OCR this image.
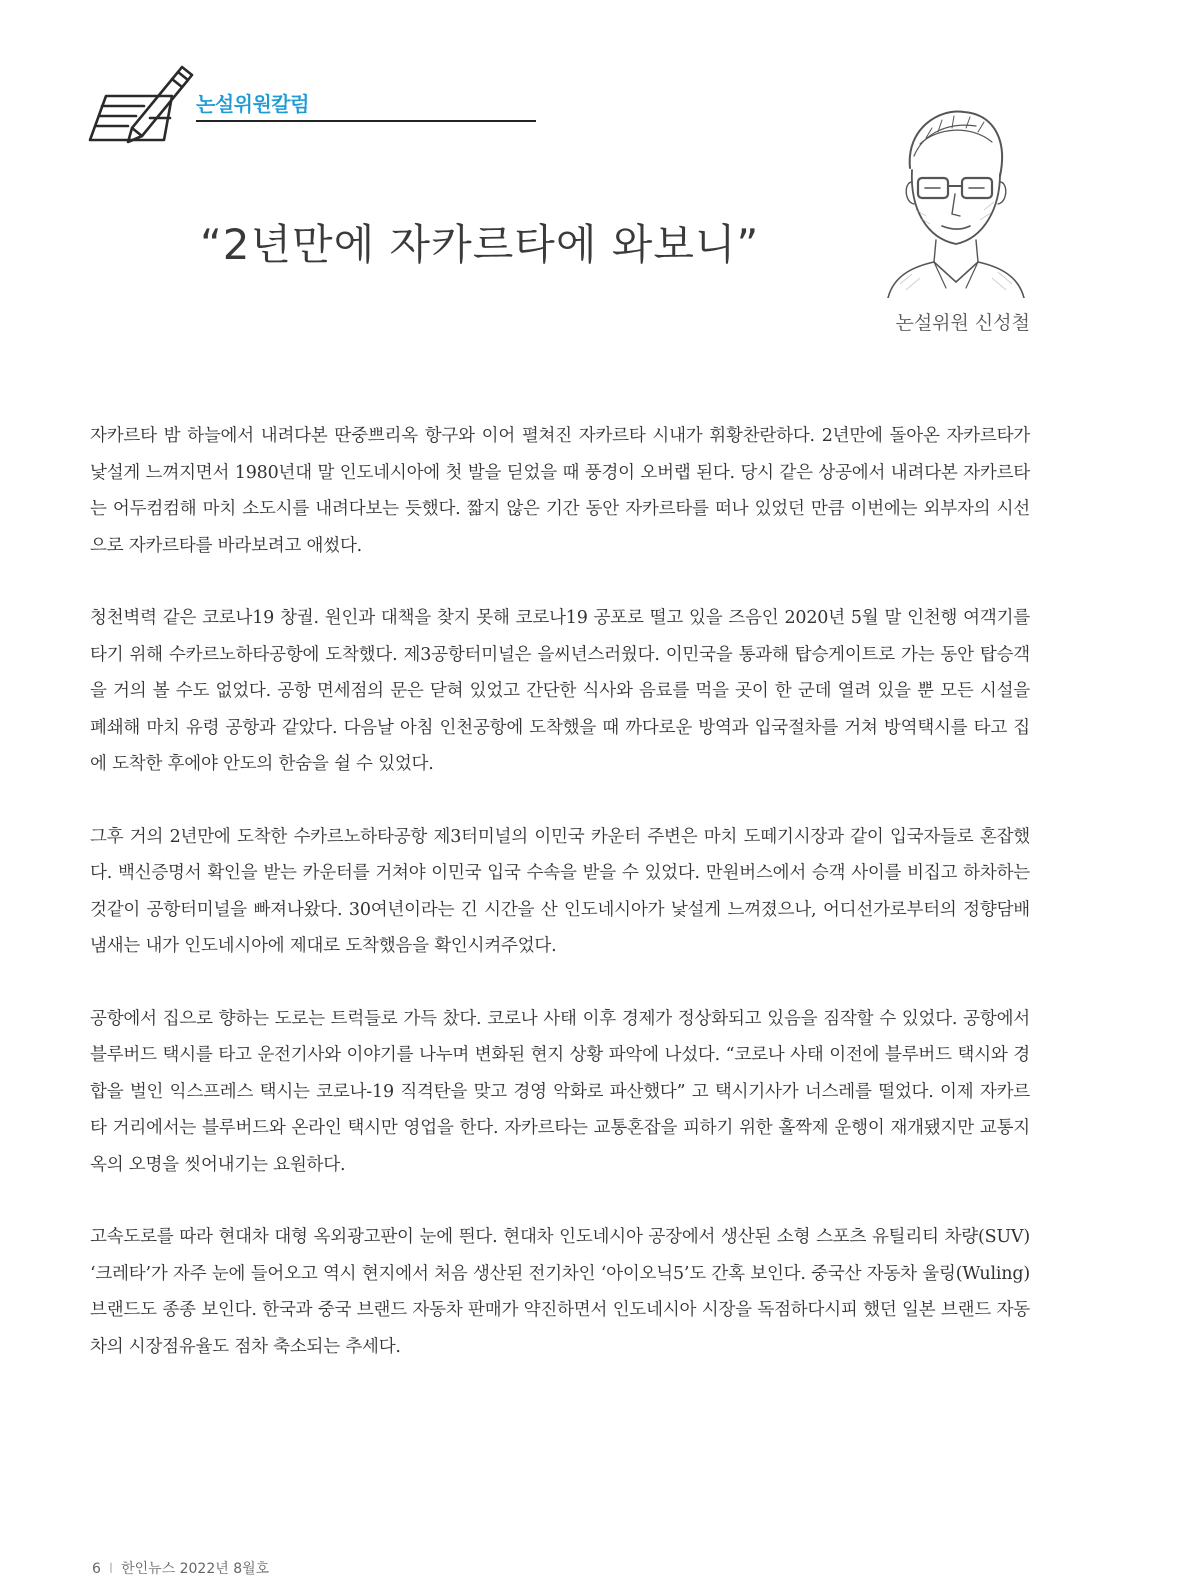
논설위원칼럼
“2년만에 자카르타에 와보니”
논설위원 신성철

자카르타 밤 하늘에서 내려다본 딴중쁘리옥 항구와 이어 펼쳐진 자카르타 시내가 휘황찬란하다. 2년만에 돌아온 자카르타가 낯설게 느껴지면서 1980년대 말 인도네시아에 첫 발을 딛었을 때 풍경이 오버랩 된다. 당시 같은 상공에서 내려다본 자카르타는 어두컴컴해 마치 소도시를 내려다보는 듯했다. 짧지 않은 기간 동안 자카르타를 떠나 있었던 만큼 이번에는 외부자의 시선으로 자카르타를 바라보려고 애썼다.

청천벽력 같은 코로나19 창궐. 원인과 대책을 찾지 못해 코로나19 공포로 떨고 있을 즈음인 2020년 5월 말 인천행 여객기를 타기 위해 수카르노하타공항에 도착했다. 제3공항터미널은 을씨년스러웠다. 이민국을 통과해 탑승게이트로 가는 동안 탑승객을 거의 볼 수도 없었다. 공항 면세점의 문은 닫혀 있었고 간단한 식사와 음료를 먹을 곳이 한 군데 열려 있을 뿐 모든 시설을 폐쇄해 마치 유령 공항과 같았다. 다음날 아침 인천공항에 도착했을 때 까다로운 방역과 입국절차를 거쳐 방역택시를 타고 집에 도착한 후에야 안도의 한숨을 쉴 수 있었다.

그후 거의 2년만에 도착한 수카르노하타공항 제3터미널의 이민국 카운터 주변은 마치 도떼기시장과 같이 입국자들로 혼잡했다. 백신증명서 확인을 받는 카운터를 거쳐야 이민국 입국 수속을 받을 수 있었다. 만원버스에서 승객 사이를 비집고 하차하는 것같이 공항터미널을 빠져나왔다. 30여년이라는 긴 시간을 산 인도네시아가 낯설게 느껴졌으나, 어디선가로부터의 정향담배 냄새는 내가 인도네시아에 제대로 도착했음을 확인시켜주었다.

공항에서 집으로 향하는 도로는 트럭들로 가득 찼다. 코로나 사태 이후 경제가 정상화되고 있음을 짐작할 수 있었다. 공항에서 블루버드 택시를 타고 운전기사와 이야기를 나누며 변화된 현지 상황 파악에 나섰다. “코로나 사태 이전에 블루버드 택시와 경합을 벌인 익스프레스 택시는 코로나-19 직격탄을 맞고 경영 악화로 파산했다” 고 택시기사가 너스레를 떨었다. 이제 자카르타 거리에서는 블루버드와 온라인 택시만 영업을 한다. 자카르타는 교통혼잡을 피하기 위한 홀짝제 운행이 재개됐지만 교통지옥의 오명을 씻어내기는 요원하다.

고속도로를 따라 현대차 대형 옥외광고판이 눈에 띈다. 현대차 인도네시아 공장에서 생산된 소형 스포츠 유틸리티 차량(SUV) ‘크레타’가 자주 눈에 들어오고 역시 현지에서 처음 생산된 전기차인 ‘아이오닉5’도 간혹 보인다. 중국산 자동차 울링(Wuling) 브랜드도 종종 보인다. 한국과 중국 브랜드 자동차 판매가 약진하면서 인도네시아 시장을 독점하다시피 했던 일본 브랜드 자동차의 시장점유율도 점차 축소되는 추세다.

6 I 한인뉴스 2022년 8월호
